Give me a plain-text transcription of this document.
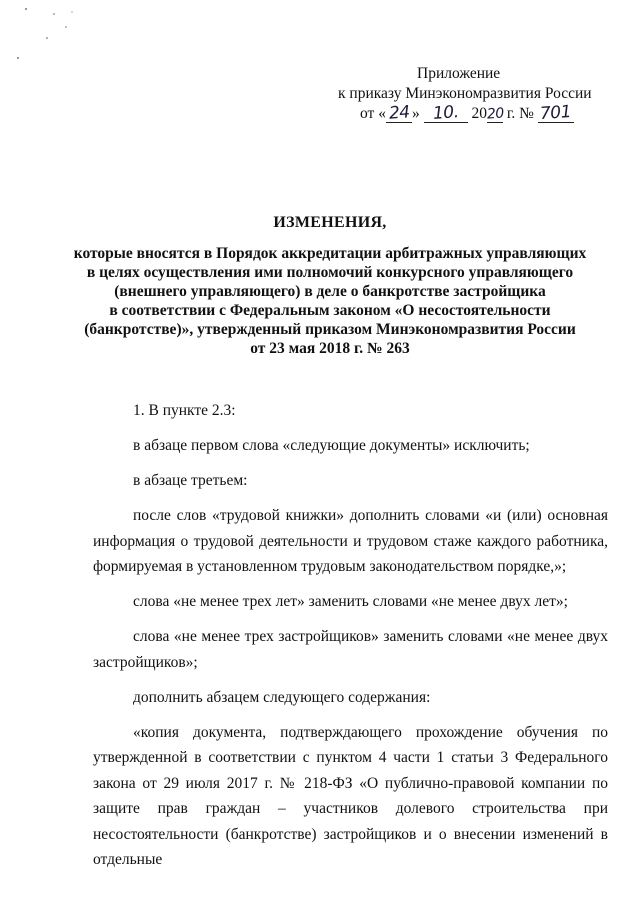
Приложение
к приказу Минэкономразвития России
от « 24 » 10. 2020 г. № 701
ИЗМЕНЕНИЯ,
которые вносятся в Порядок аккредитации арбитражных управляющих
в целях осуществления ими полномочий конкурсного управляющего
(внешнего управляющего) в деле о банкротстве застройщика
в соответствии с Федеральным законом «О несостоятельности
(банкротстве)», утвержденный приказом Минэкономразвития России
от 23 мая 2018 г. № 263

1. В пункте 2.3:

в абзаце первом слова «следующие документы» исключить;

в абзаце третьем:

после слов «трудовой книжки» дополнить словами «и (или) основная информация о трудовой деятельности и трудовом стаже каждого работника, формируемая в установленном трудовым законодательством порядке,»;

слова «не менее трех лет» заменить словами «не менее двух лет»;

слова «не менее трех застройщиков» заменить словами «не менее двух застройщиков»;

дополнить абзацем следующего содержания:

«копия документа, подтверждающего прохождение обучения по утвержденной в соответствии с пунктом 4 части 1 статьи 3 Федерального закона от 29 июля 2017 г. № 218-ФЗ «О публично-правовой компании по защите прав граждан – участников долевого строительства при несостоятельности (банкротстве) застройщиков и о внесении изменений в отдельные
